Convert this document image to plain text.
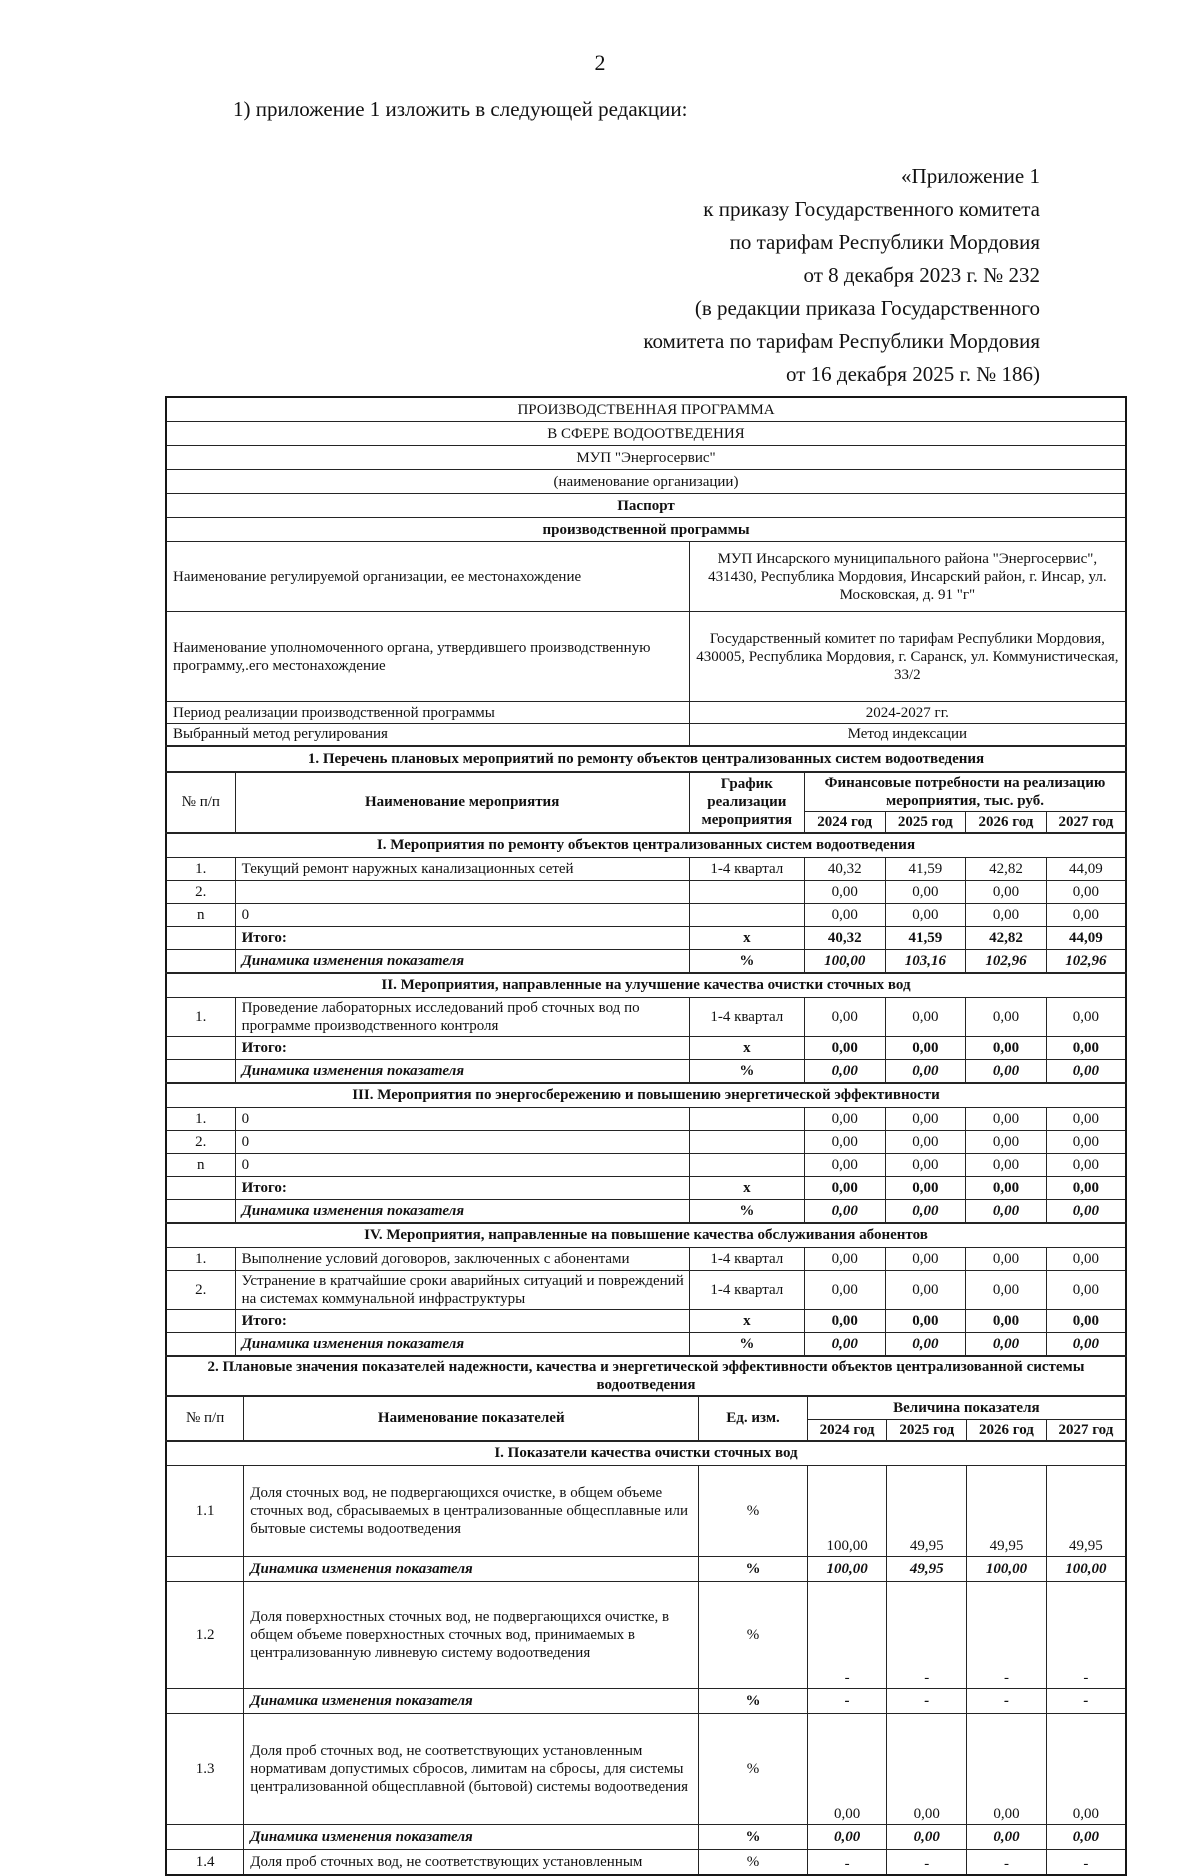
2
1) приложение 1 изложить в следующей редакции:
«Приложение 1
к приказу Государственного комитета
по тарифам Республики Мордовия
от 8 декабря 2023 г. № 232
(в редакции приказа Государственного
комитета по тарифам Республики Мордовия
от 16 декабря 2025 г. № 186)
ПРОИЗВОДСТВЕННАЯ ПРОГРАММА						
В СФЕРЕ ВОДООТВЕДЕНИЯ						
МУП "Энергосервис"						
(наименование организации)						
Паспорт						
производственной программы						
Наименование регулируемой организации, ее местонахождение		МУП Инсарского муниципального района "Энергосервис", 431430, Республика Мордовия, Инсарский район, г. Инсар, ул. Московская, д. 91 "г"				
Наименование уполномоченного органа, утвердившего производственную программу,.его местонахождение		Государственный комитет по тарифам Республики Мордовия, 430005, Республика Мордовия, г. Саранск, ул. Коммунистическая, 33/2				
Период реализации производственной программы		2024-2027 гг.				
Выбранный метод регулирования		Метод индексации				
1. Перечень плановых мероприятий по ремонту объектов централизованных систем водоотведения						
№ п/п	Наименование мероприятия	График реализации мероприятия	Финансовые потребности на реализацию мероприятия, тыс. руб.			
			2024 год	2025 год	2026 год	2027 год
I. Мероприятия по ремонту объектов централизованных систем водоотведения						
1.	Текущий ремонт наружных канализационных сетей	1-4 квартал	40,32	41,59	42,82	44,09
2.			0,00	0,00	0,00	0,00
n	0		0,00	0,00	0,00	0,00
	Итого:	x	40,32	41,59	42,82	44,09
	Динамика изменения показателя	%	100,00	103,16	102,96	102,96
II. Мероприятия, направленные на улучшение качества очистки сточных вод						
1.	Проведение лабораторных исследований проб сточных вод по программе производственного контроля	1-4 квартал	0,00	0,00	0,00	0,00
	Итого:	x	0,00	0,00	0,00	0,00
	Динамика изменения показателя	%	0,00	0,00	0,00	0,00
III. Мероприятия по энергосбережению и повышению энергетической эффективности						
1.	0		0,00	0,00	0,00	0,00
2.	0		0,00	0,00	0,00	0,00
n	0		0,00	0,00	0,00	0,00
	Итого:	x	0,00	0,00	0,00	0,00
	Динамика изменения показателя	%	0,00	0,00	0,00	0,00
IV. Мероприятия, направленные на повышение качества обслуживания абонентов						
1.	Выполнение условий договоров, заключенных с абонентами	1-4 квартал	0,00	0,00	0,00	0,00
2.	Устранение в кратчайшие сроки аварийных ситуаций и повреждений на системах коммунальной инфраструктуры	1-4 квартал	0,00	0,00	0,00	0,00
	Итого:	x	0,00	0,00	0,00	0,00
	Динамика изменения показателя	%	0,00	0,00	0,00	0,00
2. Плановые значения показателей надежности, качества и энергетической эффективности объектов централизованной системы водоотведения						
№ п/п	Наименование показателей	Ед. изм.	Величина показателя			
			2024 год	2025 год	2026 год	2027 год
I. Показатели качества очистки сточных вод						
1.1	Доля сточных вод, не подвергающихся очистке, в общем объеме сточных вод, сбрасываемых в централизованные общесплавные или бытовые системы водоотведения	%	100,00	49,95	49,95	49,95
	Динамика изменения показателя	%	100,00	49,95	100,00	100,00
1.2	Доля поверхностных сточных вод, не подвергающихся очистке, в общем объеме поверхностных сточных вод, принимаемых в централизованную ливневую систему водоотведения	%	-	-	-	-
	Динамика изменения показателя	%	-	-	-	-
1.3	Доля проб сточных вод, не соответствующих установленным нормативам допустимых сбросов, лимитам на сбросы, для системы централизованной общесплавной (бытовой) системы водоотведения	%	0,00	0,00	0,00	0,00
	Динамика изменения показателя	%	0,00	0,00	0,00	0,00
1.4	Доля проб сточных вод, не соответствующих установленным	%	-	-	-	-
